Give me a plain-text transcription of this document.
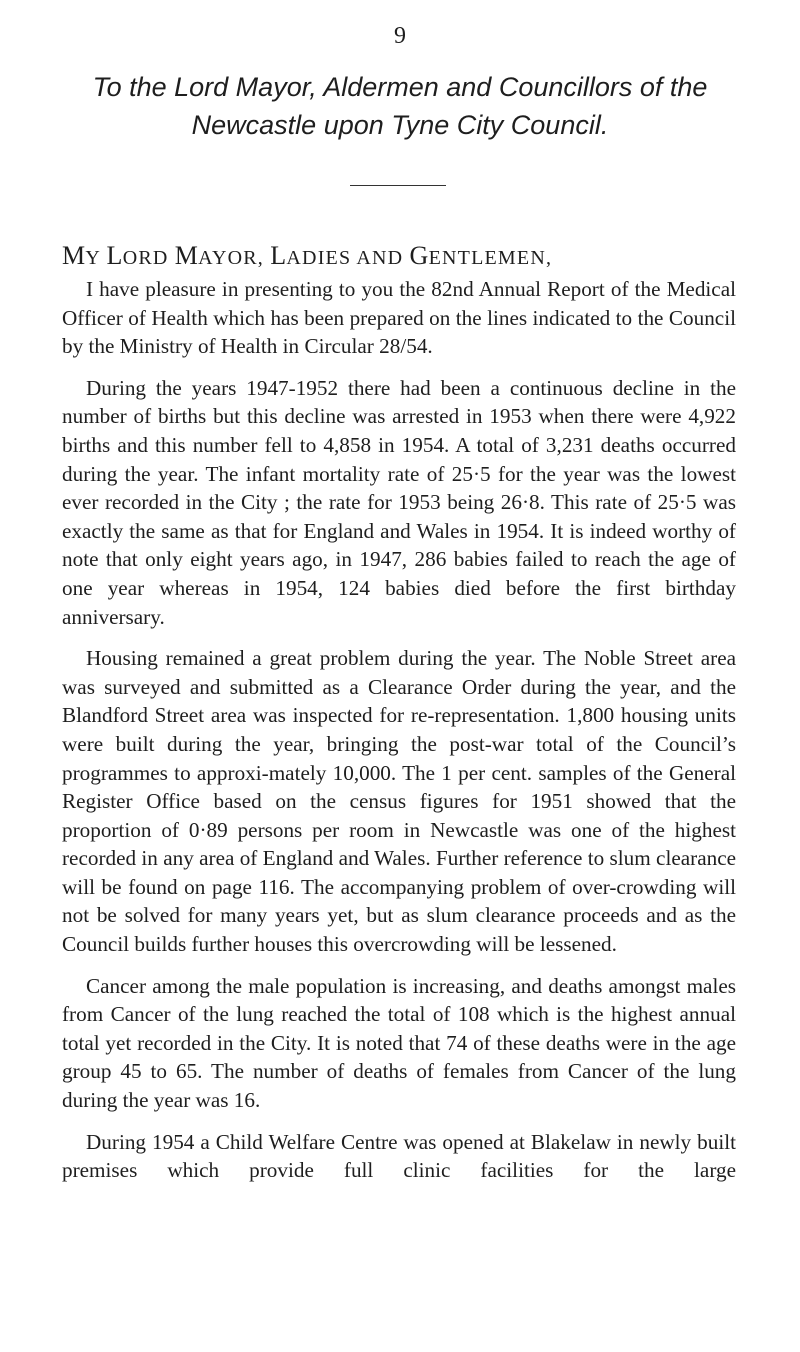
9
To the Lord Mayor, Aldermen and Councillors of the
Newcastle upon Tyne City Council.
MY LORD MAYOR, LADIES AND GENTLEMEN,

I have pleasure in presenting to you the 82nd Annual Report of the Medical Officer of Health which has been prepared on the lines indicated to the Council by the Ministry of Health in Circular 28/54.

During the years 1947-1952 there had been a continuous decline in the number of births but this decline was arrested in 1953 when there were 4,922 births and this number fell to 4,858 in 1954. A total of 3,231 deaths occurred during the year. The infant mortality rate of 25·5 for the year was the lowest ever recorded in the City ; the rate for 1953 being 26·8. This rate of 25·5 was exactly the same as that for England and Wales in 1954. It is indeed worthy of note that only eight years ago, in 1947, 286 babies failed to reach the age of one year whereas in 1954, 124 babies died before the first birthday anniversary.

Housing remained a great problem during the year. The Noble Street area was surveyed and submitted as a Clearance Order during the year, and the Blandford Street area was inspected for re-representation. 1,800 housing units were built during the year, bringing the post-war total of the Council’s programmes to approxi-mately 10,000. The 1 per cent. samples of the General Register Office based on the census figures for 1951 showed that the proportion of 0·89 persons per room in Newcastle was one of the highest recorded in any area of England and Wales. Further reference to slum clearance will be found on page 116. The accompanying problem of over-crowding will not be solved for many years yet, but as slum clearance proceeds and as the Council builds further houses this overcrowding will be lessened.

Cancer among the male population is increasing, and deaths amongst males from Cancer of the lung reached the total of 108 which is the highest annual total yet recorded in the City. It is noted that 74 of these deaths were in the age group 45 to 65. The number of deaths of females from Cancer of the lung during the year was 16.

During 1954 a Child Welfare Centre was opened at Blakelaw in newly built premises which provide full clinic facilities for the large
